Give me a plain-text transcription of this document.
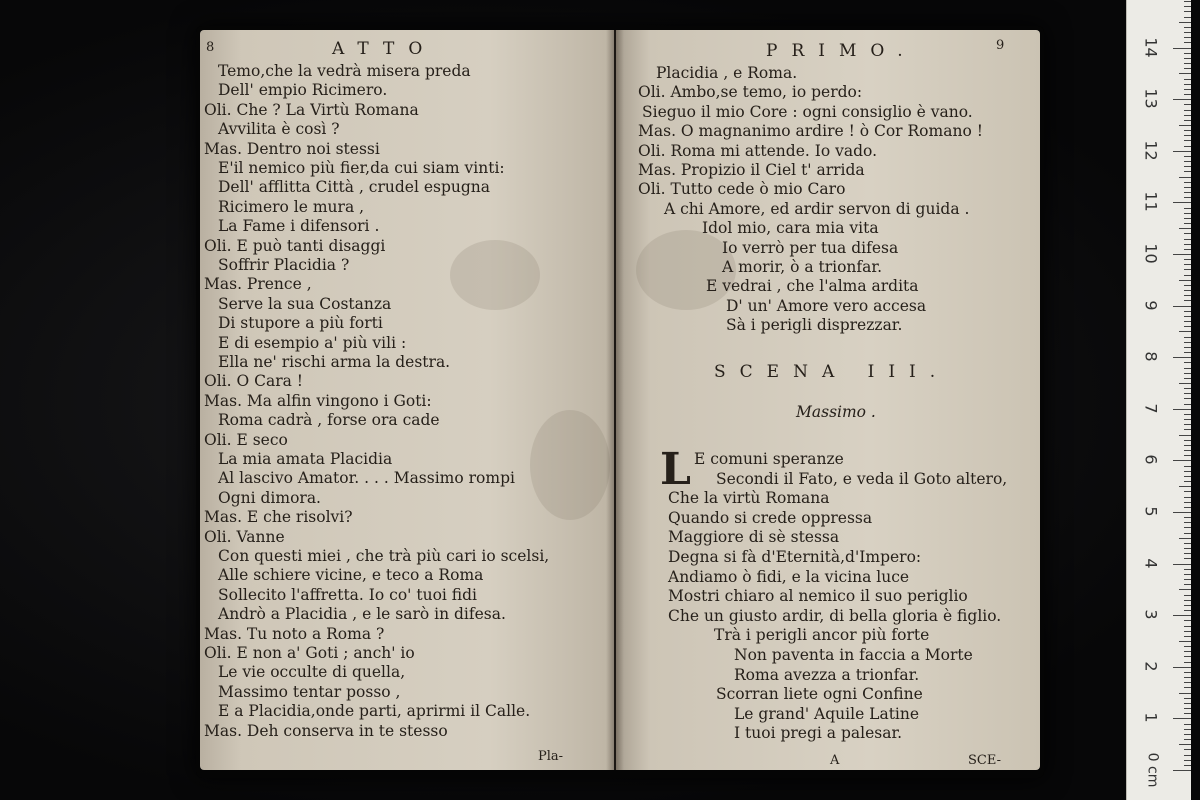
8	ATTO
Temo,che la vedrà misera preda
Dell' empio Ricimero.
Oli. Che ? La Virtù Romana
Avvilita è così ?
Mas. Dentro noi stessi
E'il nemico più fier,da cui siam vinti:
Dell' afflitta Città , crudel espugna
Ricimero le mura ,
La Fame i difensori .
Oli. E può tanti disaggi
Soffrir Placidia ?
Mas. Prence ,
Serve la sua Costanza
Di stupore a più forti
E di esempio a' più vili :
Ella ne' rischi arma la destra.
Oli. O Cara !
Mas. Ma alfin vingono i Goti:
Roma cadrà , forse ora cade
Oli. E seco
La mia amata Placidia
Al lascivo Amator. . . . Massimo rompi
Ogni dimora.
Mas. E che risolvi?
Oli. Vanne
Con questi miei , che trà più cari io scelsi,
Alle schiere vicine, e teco a Roma
Sollecito l'affretta. Io co' tuoi fidi
Andrò a Placidia , e le sarò in difesa.
Mas. Tu noto a Roma ?
Oli. E non a' Goti ; anch' io
Le vie occulte di quella,
Massimo tentar posso ,
E a Placidia,onde parti, aprirmi il Calle.
Mas. Deh conserva in te stesso
Pla-
PRIMO.	9
Placidia , e Roma.
Oli. Ambo,se temo, io perdo:
Sieguo il mio Core : ogni consiglio è vano.
Mas. O magnanimo ardire ! ò Cor Romano !
Oli. Roma mi attende. Io vado.
Mas. Propizio il Ciel t' arrida
Oli. Tutto cede ò mio Caro
A chi Amore, ed ardir servon di guida .
Idol mio, cara mia vita
Io verrò per tua difesa
A morir, ò a trionfar.
E vedrai , che l'alma ardita
D' un' Amore vero accesa
Sà i perigli disprezzar.
SCENA III.
Massimo .
L E comuni speranze
Secondi il Fato, e veda il Goto altero,
Che la virtù Romana
Quando si crede oppressa
Maggiore di sè stessa
Degna si fà d'Eternità,d'Impero:
Andiamo ò fidi, e la vicina luce
Mostri chiaro al nemico il suo periglio
Che un giusto ardir, di bella gloria è figlio.
Trà i perigli ancor più forte
Non paventa in faccia a Morte
Roma avezza a trionfar.
Scorran liete ogni Confine
Le grand' Aquile Latine
I tuoi pregi a palesar.
A	SCE-	0 cm
1
2
3
4
5
6
7
8
9
10
11
12
13
14
